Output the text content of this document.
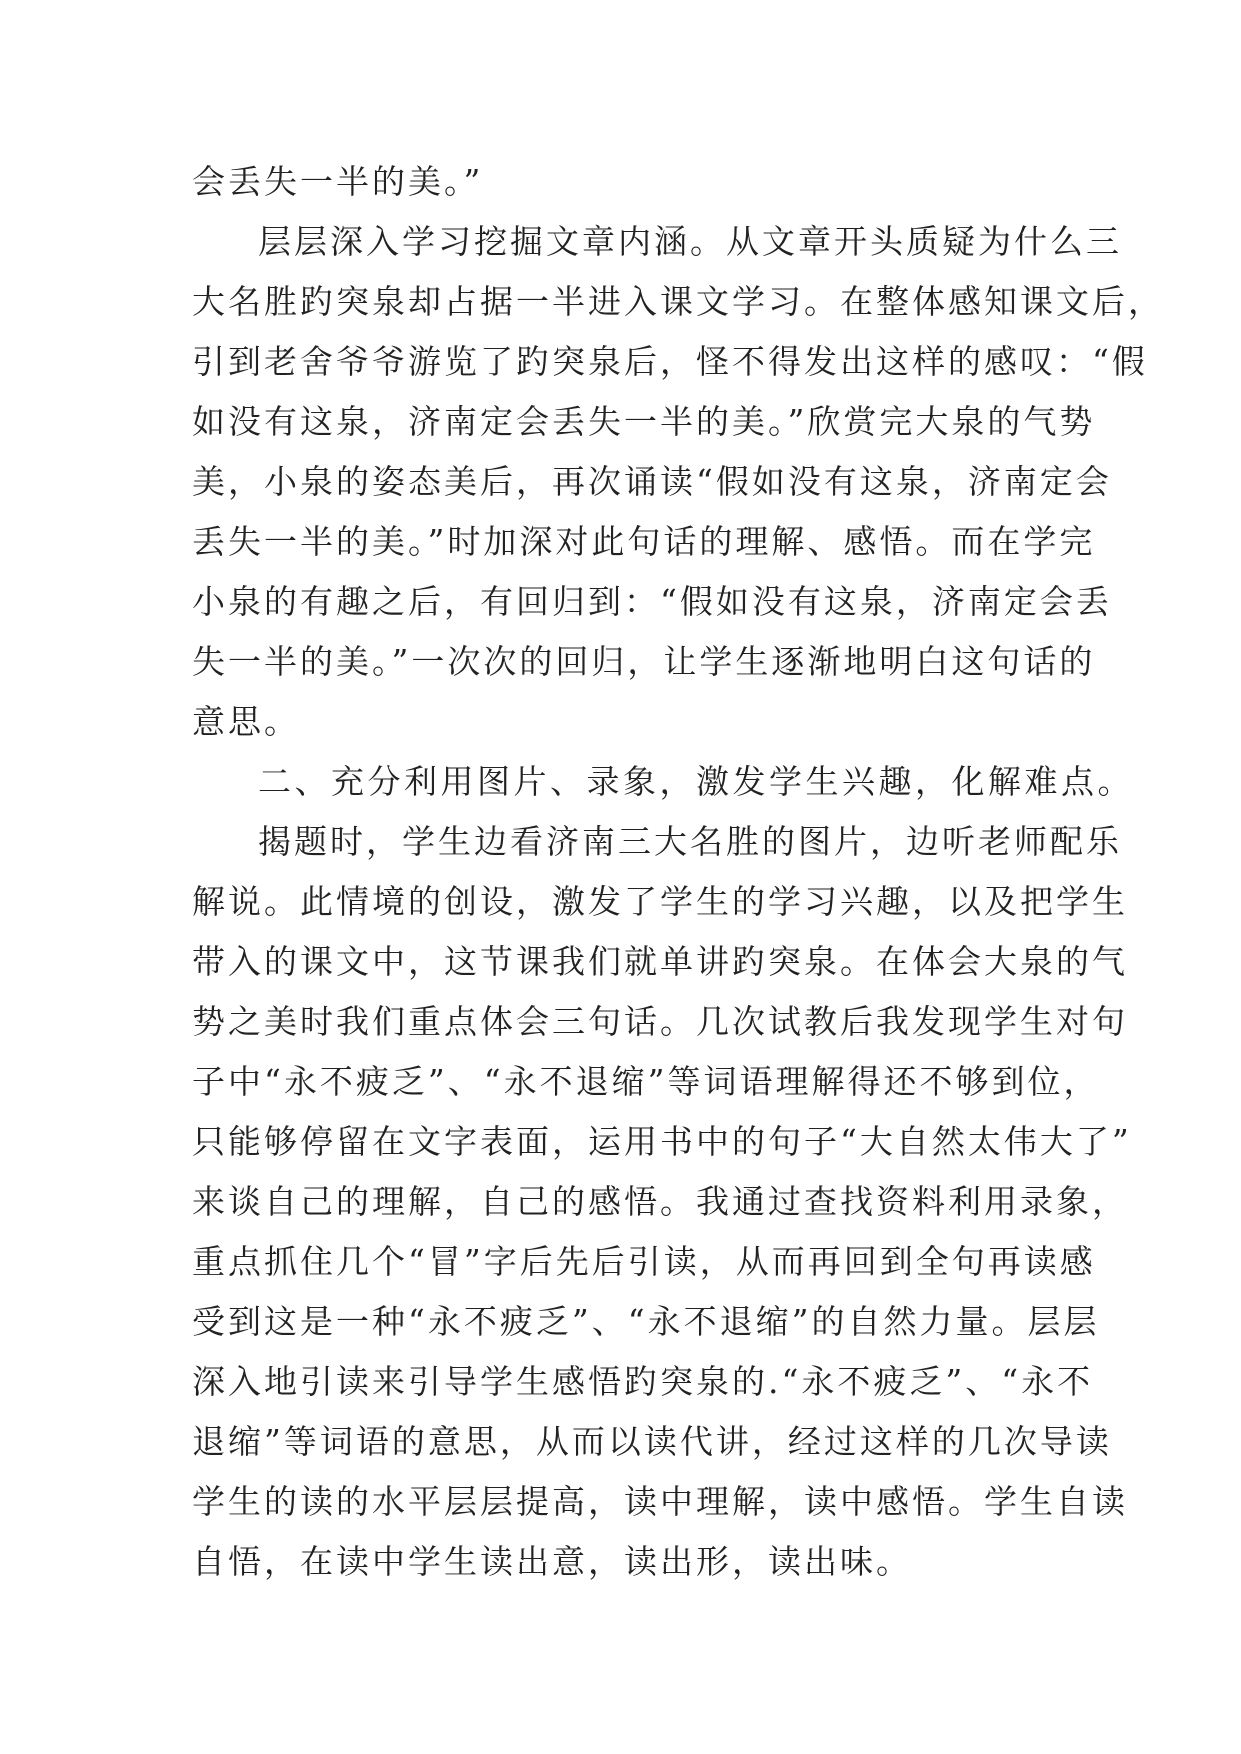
会丢失一半的美。”
层层深入学习挖掘文章内涵。从文章开头质疑为什么三
大名胜趵突泉却占据一半进入课文学习。在整体感知课文后，
引到老舍爷爷游览了趵突泉后，怪不得发出这样的感叹：“假
如没有这泉，济南定会丢失一半的美。”欣赏完大泉的气势
美，小泉的姿态美后，再次诵读“假如没有这泉，济南定会
丢失一半的美。”时加深对此句话的理解、感悟。而在学完
小泉的有趣之后，有回归到：“假如没有这泉，济南定会丢
失一半的美。”一次次的回归，让学生逐渐地明白这句话的
意思。
二、充分利用图片、录象，激发学生兴趣，化解难点。
揭题时，学生边看济南三大名胜的图片，边听老师配乐
解说。此情境的创设，激发了学生的学习兴趣，以及把学生
带入的课文中，这节课我们就单讲趵突泉。在体会大泉的气
势之美时我们重点体会三句话。几次试教后我发现学生对句
子中“永不疲乏”、“永不退缩”等词语理解得还不够到位，
只能够停留在文字表面，运用书中的句子“大自然太伟大了”
来谈自己的理解，自己的感悟。我通过查找资料利用录象，
重点抓住几个“冒”字后先后引读，从而再回到全句再读感
受到这是一种“永不疲乏”、“永不退缩”的自然力量。层层
深入地引读来引导学生感悟趵突泉的.“永不疲乏”、“永不
退缩”等词语的意思，从而以读代讲，经过这样的几次导读
学生的读的水平层层提高，读中理解，读中感悟。学生自读
自悟，在读中学生读出意，读出形，读出味。
